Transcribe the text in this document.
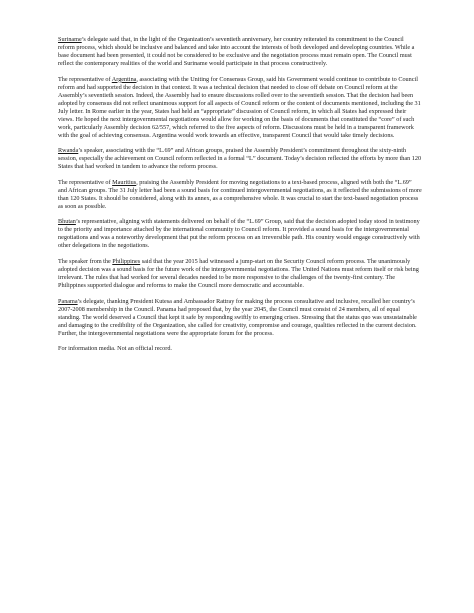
Suriname’s delegate said that, in the light of the Organization’s seventieth anniversary, her country reiterated its commitment to the Council reform process, which should be inclusive and balanced and take into account the interests of both developed and developing countries. While a base document had been presented, it could not be considered to be exclusive and the negotiation process must remain open. The Council must reflect the contemporary realities of the world and Suriname would participate in that process constructively.

The representative of Argentina, associating with the Uniting for Consensus Group, said his Government would continue to contribute to Council reform and had supported the decision in that context. It was a technical decision that needed to close off debate on Council reform at the Assembly’s seventieth session. Indeed, the Assembly had to ensure discussions rolled over to the seventieth session. That the decision had been adopted by consensus did not reflect unanimous support for all aspects of Council reform or the content of documents mentioned, including the 31 July letter. In Rome earlier in the year, States had held an “appropriate” discussion of Council reform, in which all States had expressed their views. He hoped the next intergovernmental negotiations would allow for working on the basis of documents that constituted the “core” of such work, particularly Assembly decision 62/557, which referred to the five aspects of reform. Discussions must be held in a transparent framework with the goal of achieving consensus. Argentina would work towards an effective, transparent Council that would take timely decisions.

Rwanda’s speaker, associating with the “L.69” and African groups, praised the Assembly President’s commitment throughout the sixty-ninth session, especially the achievement on Council reform reflected in a formal “L” document. Today’s decision reflected the efforts by more than 120 States that had worked in tandem to advance the reform process.

The representative of Mauritius, praising the Assembly President for moving negotiations to a text-based process, aligned with both the “L.69” and African groups. The 31 July letter had been a sound basis for continued intergovernmental negotiations, as it reflected the submissions of more than 120 States. It should be considered, along with its annex, as a comprehensive whole. It was crucial to start the text-based negotiation process as soon as possible.

Bhutan’s representative, aligning with statements delivered on behalf of the “L.69” Group, said that the decision adopted today stood in testimony to the priority and importance attached by the international community to Council reform. It provided a sound basis for the intergovernmental negotiations and was a noteworthy development that put the reform process on an irreversible path. His country would engage constructively with other delegations in the negotiations.

The speaker from the Philippines said that the year 2015 had witnessed a jump-start on the Security Council reform process. The unanimously adopted decision was a sound basis for the future work of the intergovernmental negotiations. The United Nations must reform itself or risk being irrelevant. The rules that had worked for several decades needed to be more responsive to the challenges of the twenty-first century. The Philippines supported dialogue and reforms to make the Council more democratic and accountable.

Panama’s delegate, thanking President Kutesa and Ambassador Rattray for making the process consultative and inclusive, recalled her country’s 2007-2008 membership in the Council. Panama had proposed that, by the year 2045, the Council must consist of 24 members, all of equal standing. The world deserved a Council that kept it safe by responding swiftly to emerging crises. Stressing that the status quo was unsustainable and damaging to the credibility of the Organization, she called for creativity, compromise and courage, qualities reflected in the current decision. Further, the intergovernmental negotiations were the appropriate forum for the process.

For information media. Not an official record.
